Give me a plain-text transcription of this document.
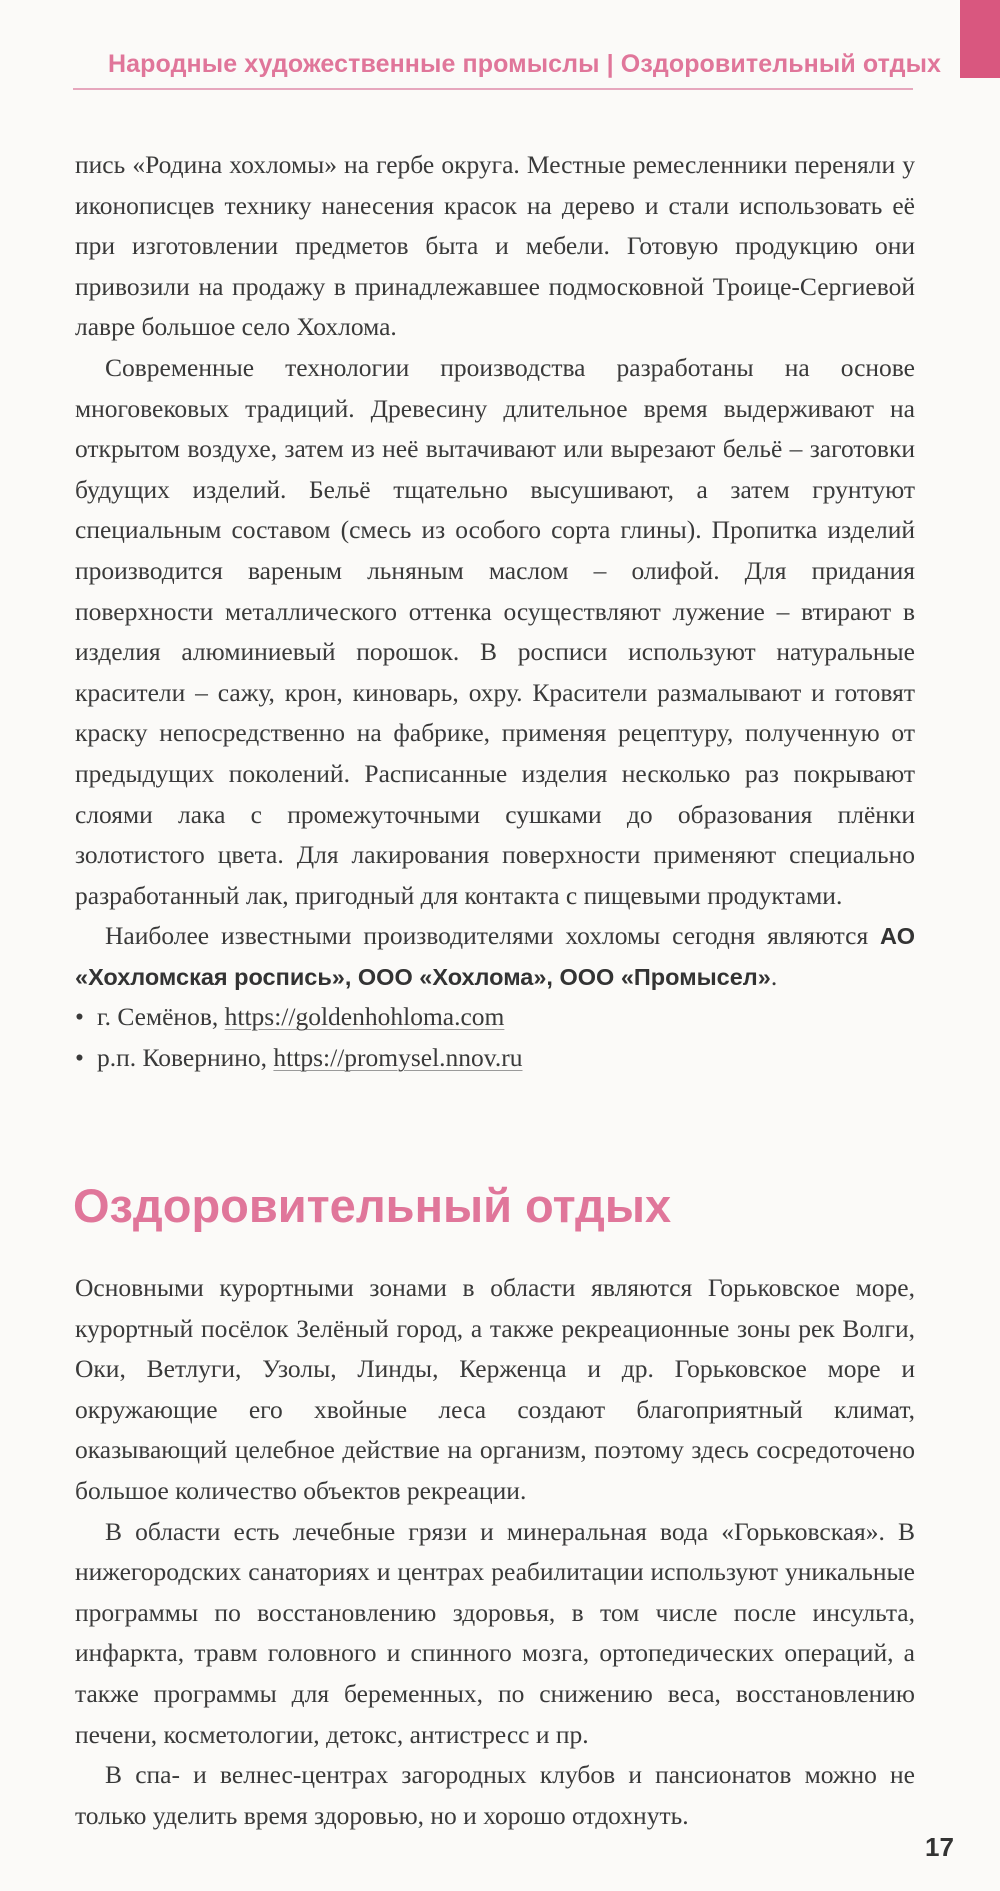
Народные художественные промыслы | Оздоровительный отдых

пись «Родина хохломы» на гербе округа. Местные ремесленники переняли у иконописцев технику нанесения красок на дерево и стали использовать её при изготовлении предметов быта и мебели. Готовую продукцию они привозили на продажу в принадлежавшее подмосковной Троице-Сергиевой лавре большое село Хохлома.

Современные технологии производства разработаны на основе многовековых традиций. Древесину длительное время выдерживают на открытом воздухе, затем из неё вытачивают или вырезают бельё – заготовки будущих изделий. Бельё тщательно высушивают, а затем грунтуют специальным составом (смесь из особого сорта глины). Пропитка изделий производится вареным льняным маслом – олифой. Для придания поверхности металлического оттенка осуществляют лужение – втирают в изделия алюминиевый порошок. В росписи используют натуральные красители – сажу, крон, киноварь, охру. Красители размалывают и готовят краску непосредственно на фабрике, применяя рецептуру, полученную от предыдущих поколений. Расписанные изделия несколько раз покрывают слоями лака с промежуточными сушками до образования плёнки золотистого цвета. Для лакирования поверхности применяют специально разработанный лак, пригодный для контакта с пищевыми продуктами.

Наиболее известными производителями хохломы сегодня являются АО «Хохломская роспись», ООО «Хохлома», ООО «Промысел».

• г. Семёнов, https://goldenhohloma.com
• р.п. Ковернино, https://promysel.nnov.ru
Оздоровительный отдых

Основными курортными зонами в области являются Горьковское море, курортный посёлок Зелёный город, а также рекреационные зоны рек Волги, Оки, Ветлуги, Узолы, Линды, Керженца и др. Горьковское море и окружающие его хвойные леса создают благоприятный климат, оказывающий целебное действие на организм, поэтому здесь сосредоточено большое количество объектов рекреации.

В области есть лечебные грязи и минеральная вода «Горьковская». В нижегородских санаториях и центрах реабилитации используют уникальные программы по восстановлению здоровья, в том числе после инсульта, инфаркта, травм головного и спинного мозга, ортопедических операций, а также программы для беременных, по снижению веса, восстановлению печени, косметологии, детокс, антистресс и пр.

В спа- и велнес-центрах загородных клубов и пансионатов можно не только уделить время здоровью, но и хорошо отдохнуть.

17
